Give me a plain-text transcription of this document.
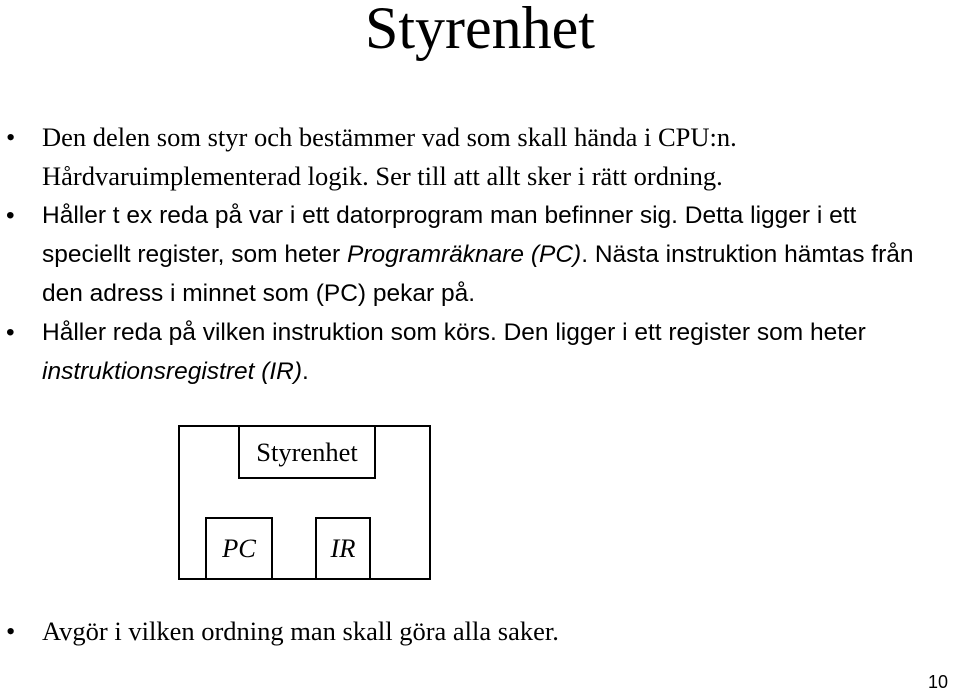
Styrenhet
• Den delen som styr och bestämmer vad som skall hända i CPU:n. Hårdvaruimplementerad logik. Ser till att allt sker i rätt ordning.
• Håller t ex reda på var i ett datorprogram man befinner sig. Detta ligger i ett speciellt register, som heter Programräknare (PC). Nästa instruktion hämtas från den adress i minnet som (PC) pekar på.
• Håller reda på vilken instruktion som körs. Den ligger i ett register som heter instruktionsregistret (IR).
Styrenhet
PC	IR
• Avgör i vilken ordning man skall göra alla saker.
10
